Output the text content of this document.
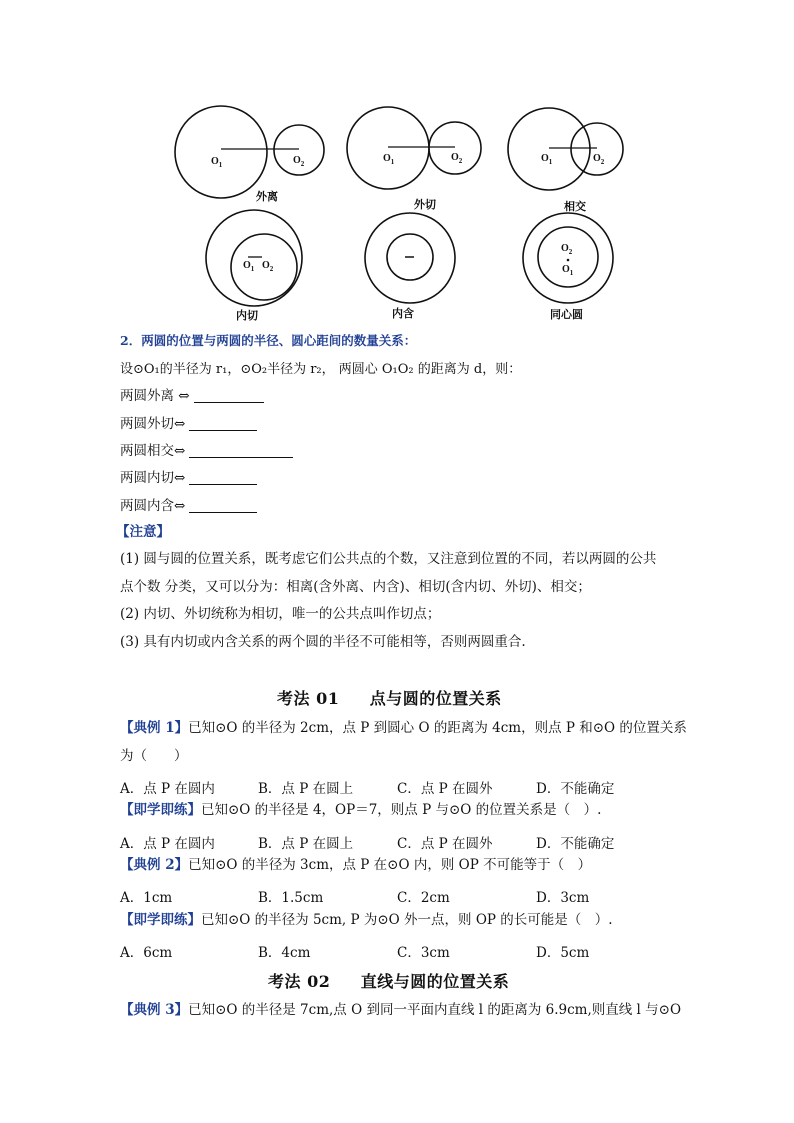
$O_1$	$O_2$	$O_1$	$O_2$	$O_1$	$O_2$
$O_1$ $O_2$
$O_2$
$O_1$
外离
外切	相交
内切	内含	同心圆
2．两圆的位置与两圆的半径、圆心距间的数量关系：
设⊙O₁的半径为 r₁，⊙O₂半径为 r₂， 两圆心 O₁O₂ 的距离为 d，则：
两圆外离 ⇔
两圆外切⇔
两圆相交⇔
两圆内切⇔
两圆内含⇔
【注意】
(1) 圆与圆的位置关系，既考虑它们公共点的个数，又注意到位置的不同，若以两圆的公共
点个数 分类，又可以分为：相离(含外离、内含)、相切(含内切、外切)、相交；
(2) 内切、外切统称为相切，唯一的公共点叫作切点；
(3) 具有内切或内含关系的两个圆的半径不可能相等，否则两圆重合.
考法 01     点与圆的位置关系
【典例 1】已知⊙O 的半径为 2cm，点 P 到圆心 O 的距离为 4cm，则点 P 和⊙O 的位置关系
为（　　）
A．点 P 在圆内	B．点 P 在圆上	C．点 P 在圆外	D．不能确定
【即学即练】已知⊙O 的半径是 4，OP＝7，则点 P 与⊙O 的位置关系是（　）.
A．点 P 在圆内	B．点 P 在圆上	C．点 P 在圆外	D．不能确定
【典例 2】已知⊙O 的半径为 3cm，点 P 在⊙O 内，则 OP 不可能等于（　）
A．1cm	B．1.5cm	C．2cm	D．3cm
【即学即练】已知⊙O 的半径为 5cm, P 为⊙O 外一点，则 OP 的长可能是（　）.
A．6cm	B．4cm	C．3cm	D．5cm
考法 02     直线与圆的位置关系
【典例 3】已知⊙O 的半径是 7cm,点 O 到同一平面内直线 l 的距离为 6.9cm,则直线 l 与⊙O
